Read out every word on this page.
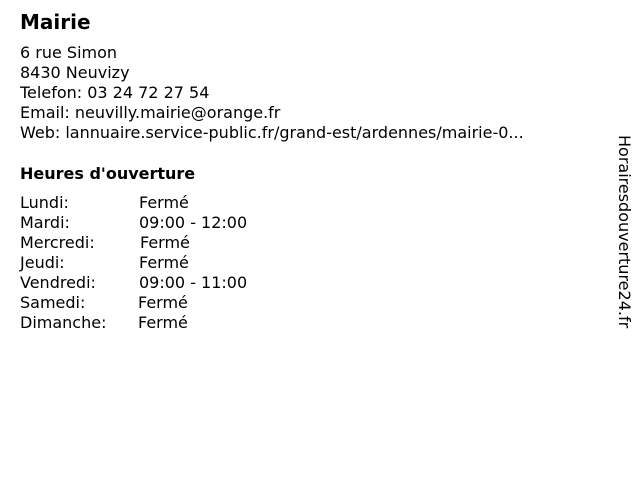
Mairie
6 rue Simon
8430 Neuvizy
Telefon: 03 24 72 27 54
Email: neuvilly.mairie@orange.fr
Web: lannuaire.service-public.fr/grand-est/ardennes/mairie-0...
Heures d'ouverture
Lundi:	Fermé
Mardi:	09:00 - 12:00
Mercredi:	Fermé
Jeudi:	Fermé
Vendredi:	09:00 - 11:00
Samedi:	Fermé
Dimanche: Fermé	Horairesdouverture24.fr
